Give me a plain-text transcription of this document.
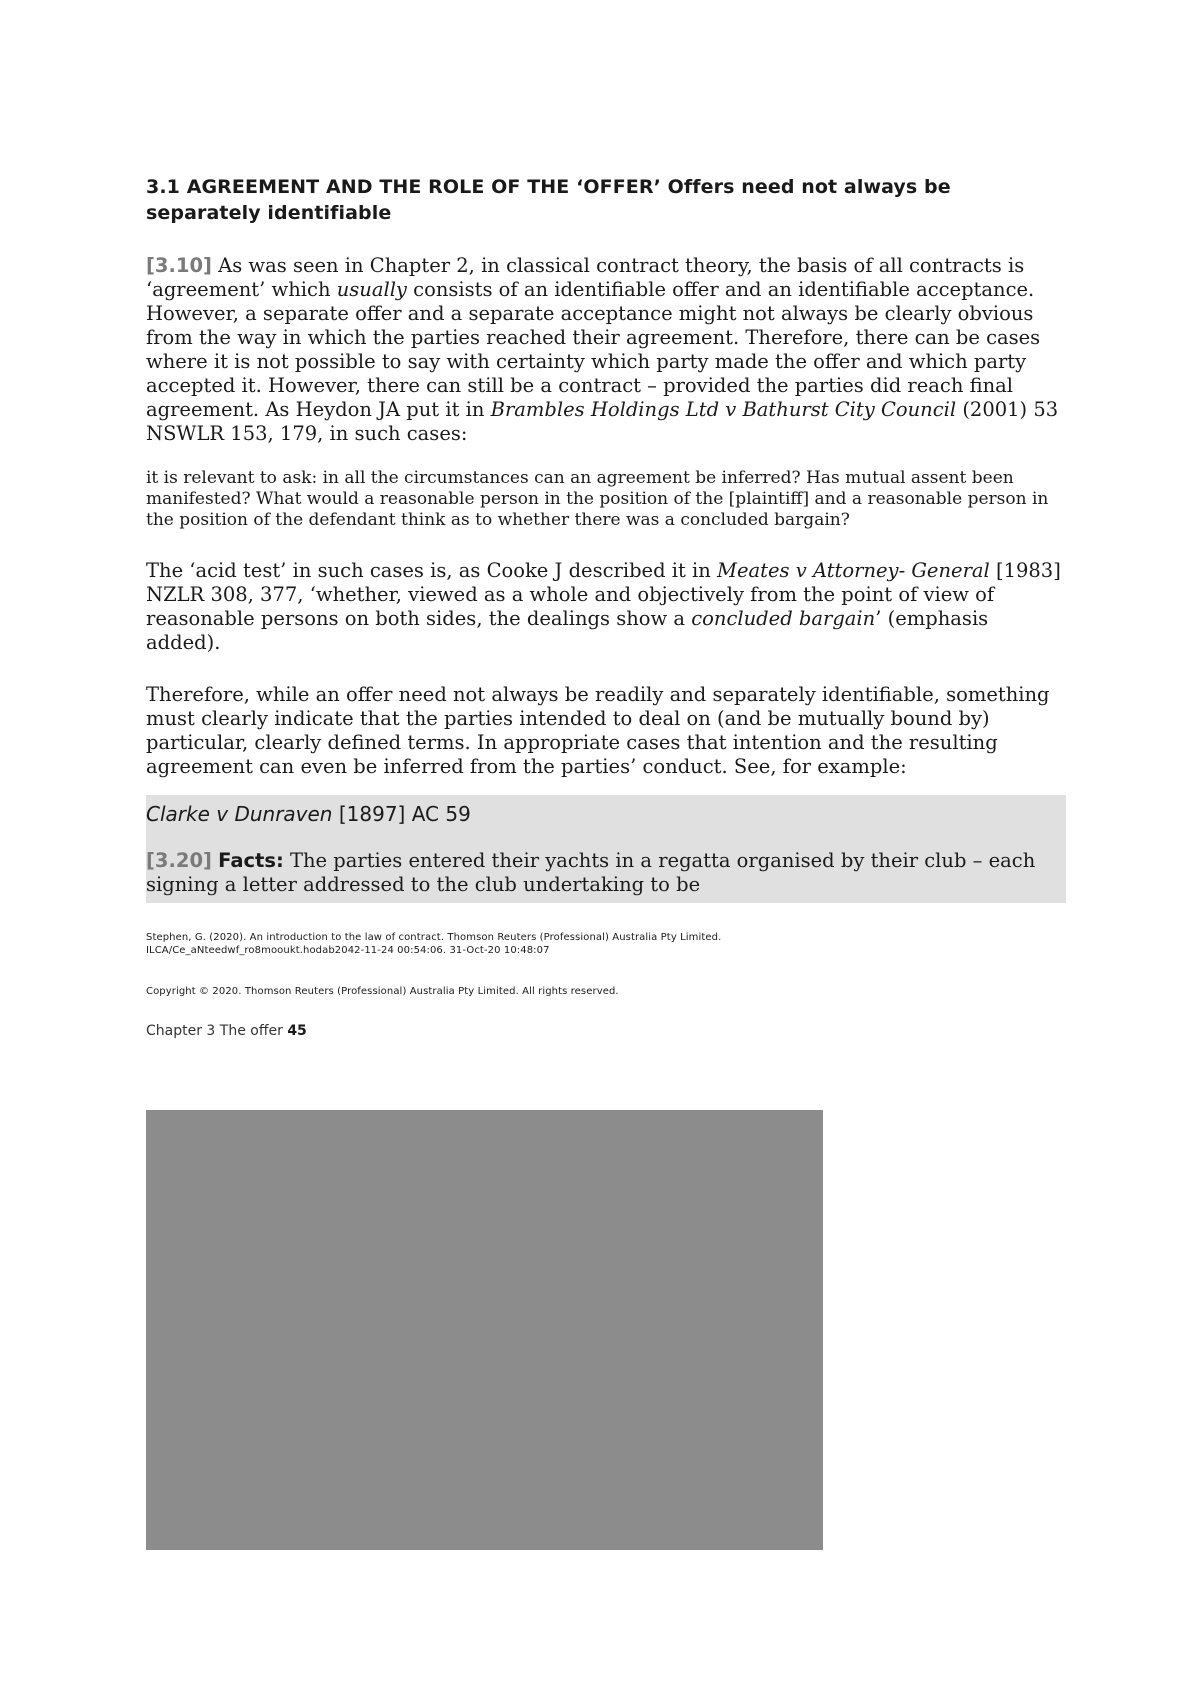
3.1 AGREEMENT AND THE ROLE OF THE ‘OFFER’ Offers need not always be separately identifiable

[3.10] As was seen in Chapter 2, in classical contract theory, the basis of all contracts is ‘agreement’ which usually consists of an identifiable offer and an identifiable acceptance. However, a separate offer and a separate acceptance might not always be clearly obvious from the way in which the parties reached their agreement. Therefore, there can be cases where it is not possible to say with certainty which party made the offer and which party accepted it. However, there can still be a contract – provided the parties did reach final agreement. As Heydon JA put it in Brambles Holdings Ltd v Bathurst City Council (2001) 53 NSWLR 153, 179, in such cases:

it is relevant to ask: in all the circumstances can an agreement be inferred? Has mutual assent been manifested? What would a reasonable person in the position of the [plaintiff] and a reasonable person in the position of the defendant think as to whether there was a concluded bargain?

The ‘acid test’ in such cases is, as Cooke J described it in Meates v Attorney- General [1983] NZLR 308, 377, ‘whether, viewed as a whole and objectively from the point of view of reasonable persons on both sides, the dealings show a concluded bargain’ (emphasis added).

Therefore, while an offer need not always be readily and separately identifiable, something must clearly indicate that the parties intended to deal on (and be mutually bound by) particular, clearly defined terms. In appropriate cases that intention and the resulting agreement can even be inferred from the parties’ conduct. See, for example:

Clarke v Dunraven [1897] AC 59

[3.20] Facts: The parties entered their yachts in a regatta organised by their club – each signing a letter addressed to the club undertaking to be

Stephen, G. (2020). An introduction to the law of contract. Thomson Reuters (Professional) Australia Pty Limited.
ILCA/Ce_aNteedwf_ro8mooukt.hodab2042-11-24 00:54:06. 31-Oct-20 10:48:07

Copyright © 2020. Thomson Reuters (Professional) Australia Pty Limited. All rights reserved.

Chapter 3 The offer 45
